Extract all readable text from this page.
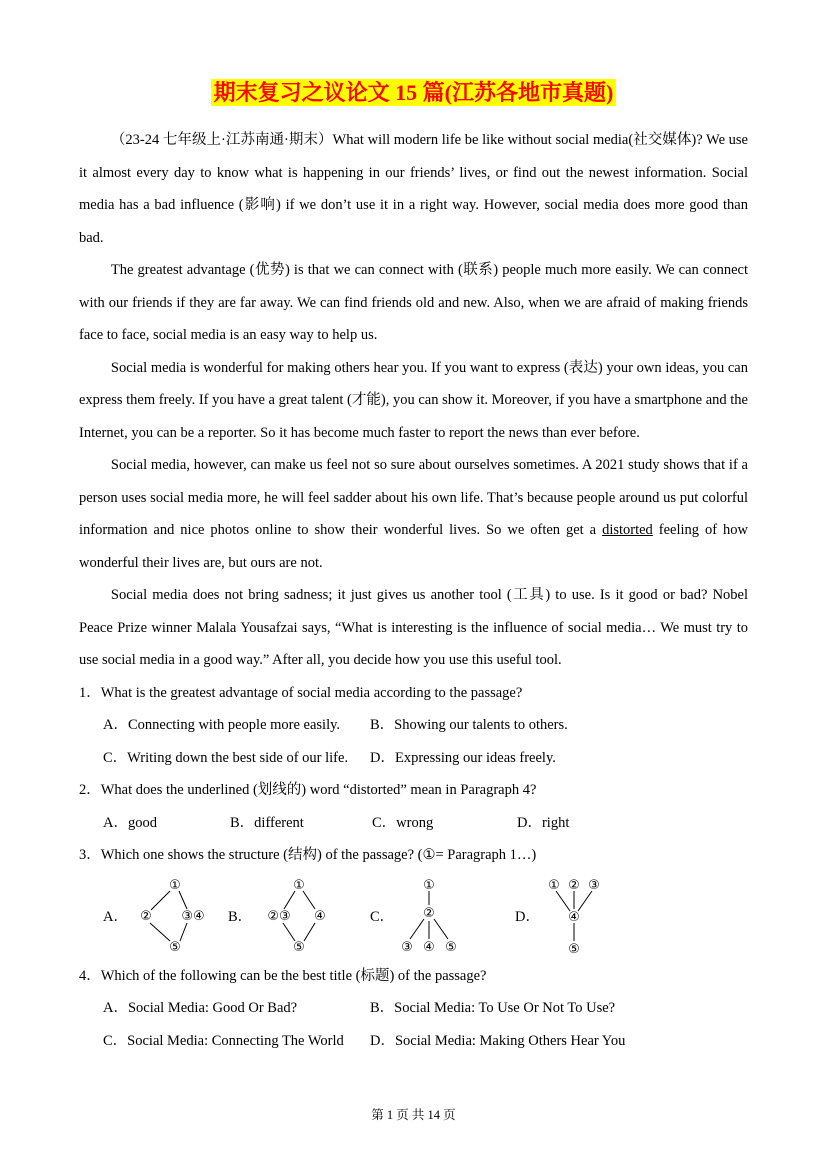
期末复习之议论文 15 篇(江苏各地市真题)

（23-24 七年级上·江苏南通·期末）What will modern life be like without social media(社交媒体)? We use it almost every day to know what is happening in our friends’ lives, or find out the newest information. Social media has a bad influence (影响) if we don’t use it in a right way. However, social media does more good than bad.

The greatest advantage (优势) is that we can connect with (联系) people much more easily. We can connect with our friends if they are far away. We can find friends old and new. Also, when we are afraid of making friends face to face, social media is an easy way to help us.

Social media is wonderful for making others hear you. If you want to express (表达) your own ideas, you can express them freely. If you have a great talent (才能), you can show it. Moreover, if you have a smartphone and the Internet, you can be a reporter. So it has become much faster to report the news than ever before.

Social media, however, can make us feel not so sure about ourselves sometimes. A 2021 study shows that if a person uses social media more, he will feel sadder about his own life. That’s because people around us put colorful information and nice photos online to show their wonderful lives. So we often get a distorted feeling of how wonderful their lives are, but ours are not.

Social media does not bring sadness; it just gives us another tool (工具) to use. Is it good or bad? Nobel Peace Prize winner Malala Yousafzai says, “What is interesting is the influence of social media… We must try to use social media in a good way.” After all, you decide how you use this useful tool.

1．What is the greatest advantage of social media according to the passage?

A．Connecting with people more easily.	B．Showing our talents to others.
C．Writing down the best side of our life.	D．Expressing our ideas freely.

2．What does the underlined (划线的) word “distorted” mean in Paragraph 4?

A．good	B．different	C．wrong	D．right

3．Which one shows the structure (结构) of the passage? (①= Paragraph 1…)

A．
①
② ③④
⑤
B．
①
②③ ④
⑤
C．
①
②
③ ④ ⑤
D．
① ② ③
④
⑤

4．Which of the following can be the best title (标题) of the passage?

A．Social Media: Good Or Bad?	B．Social Media: To Use Or Not To Use?
C．Social Media: Connecting The World	D．Social Media: Making Others Hear You
第 1 页 共 14 页
